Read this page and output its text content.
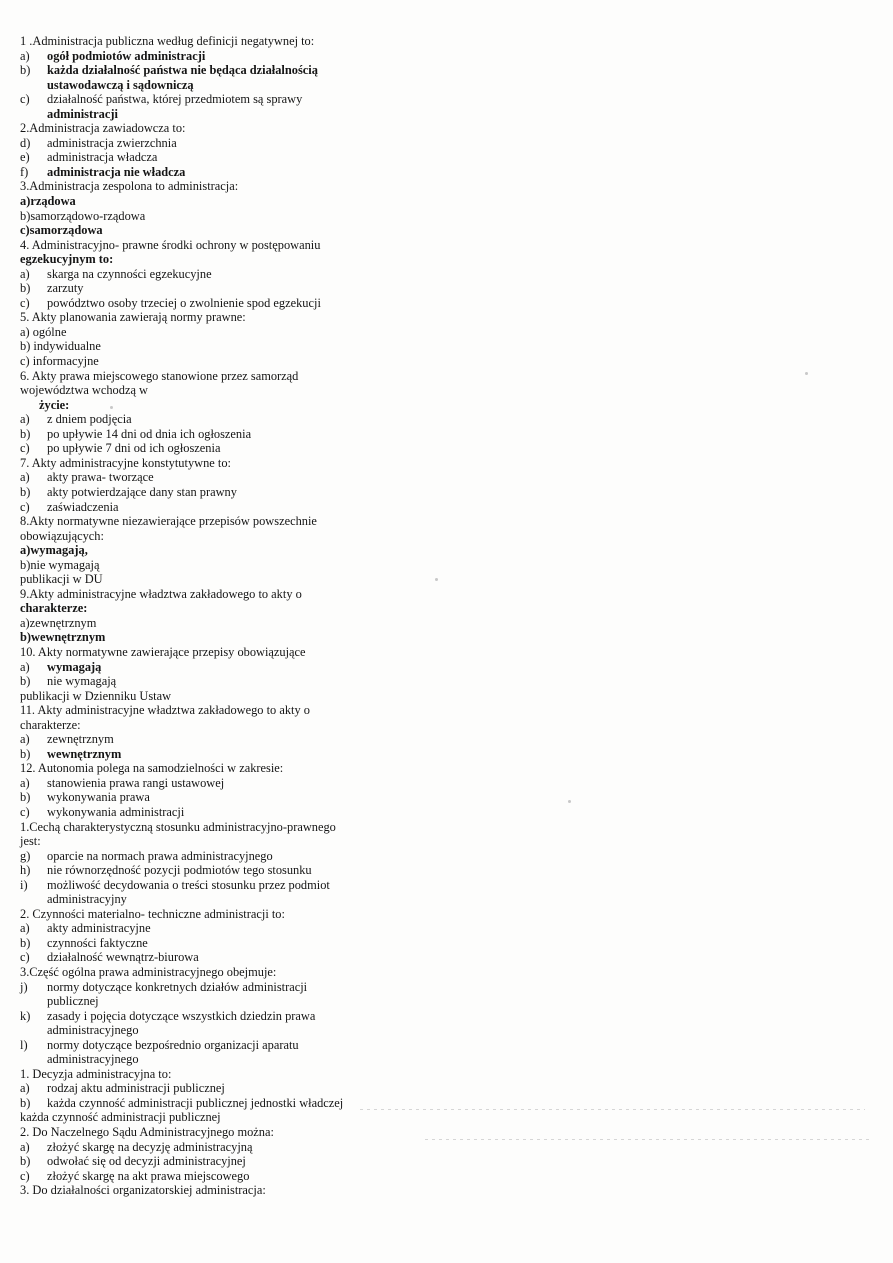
1 .Administracja publiczna według definicji negatywnej to:
a) ogół podmiotów administracji
b) każda działalność państwa nie będąca działalnością
ustawodawczą i sądowniczą
c) działalność państwa, której przedmiotem są sprawy
administracji
2.Administracja zawiadowcza to:
d) administracja zwierzchnia
e) administracja władcza
f) administracja nie władcza
3.Administracja zespolona to administracja:
a)rządowa
b)samorządowo-rządowa
c)samorządowa
4. Administracyjno- prawne środki ochrony w postępowaniu
egzekucyjnym to:
a) skarga na czynności egzekucyjne
b) zarzuty
c) powództwo osoby trzeciej o zwolnienie spod egzekucji
5. Akty planowania zawierają normy prawne:
a) ogólne
b) indywidualne
c) informacyjne
6. Akty prawa miejscowego stanowione przez samorząd
województwa wchodzą w
życie:
a) z dniem podjęcia
b) po upływie 14 dni od dnia ich ogłoszenia
c) po upływie 7 dni od ich ogłoszenia
7. Akty administracyjne konstytutywne to:
a) akty prawa- tworzące
b) akty potwierdzające dany stan prawny
c) zaświadczenia
8.Akty normatywne niezawierające przepisów powszechnie
obowiązujących:
a)wymagają,
b)nie wymagają
publikacji w DU
9.Akty administracyjne władztwa zakładowego to akty o
charakterze:
a)zewnętrznym
b)wewnętrznym
10. Akty normatywne zawierające przepisy obowiązujące
a) wymagają
b) nie wymagają
publikacji w Dzienniku Ustaw
11. Akty administracyjne władztwa zakładowego to akty o
charakterze:
a) zewnętrznym
b) wewnętrznym
12. Autonomia polega na samodzielności w zakresie:
a) stanowienia prawa rangi ustawowej
b) wykonywania prawa
c) wykonywania administracji
1.Cechą charakterystyczną stosunku administracyjno-prawnego
jest:
g) oparcie na normach prawa administracyjnego
h) nie równorzędność pozycji podmiotów tego stosunku
i) możliwość decydowania o treści stosunku przez podmiot
administracyjny
2. Czynności materialno- techniczne administracji to:
a) akty administracyjne
b) czynności faktyczne
c) działalność wewnątrz-biurowa
3.Część ogólna prawa administracyjnego obejmuje:
j) normy dotyczące konkretnych działów administracji
publicznej
k) zasady i pojęcia dotyczące wszystkich dziedzin prawa
administracyjnego
l) normy dotyczące bezpośrednio organizacji aparatu
administracyjnego
1. Decyzja administracyjna to:
a) rodzaj aktu administracji publicznej
b) każda czynność administracji publicznej jednostki władczej
każda czynność administracji publicznej
2. Do Naczelnego Sądu Administracyjnego można:
a) złożyć skargę na decyzję administracyjną
b) odwołać się od decyzji administracyjnej
c) złożyć skargę na akt prawa miejscowego
3. Do działalności organizatorskiej administracja:
